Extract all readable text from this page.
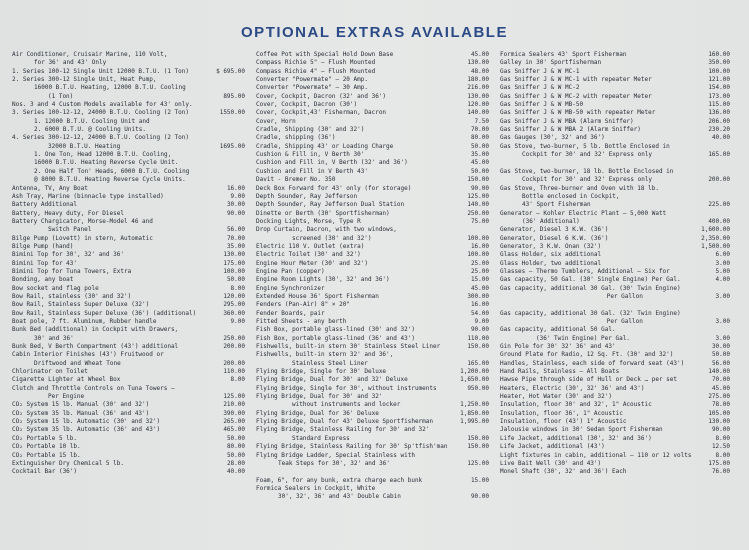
OPTIONAL EXTRAS AVAILABLE
Air Conditioner, Cruisair Marine, 110 Volt,
for 36' and 43' Only
1. Series 100-12 Single Unit 12000 B.T.U. (1 Ton)	$ 695.00
2. Series 300-12 Single Unit, Heat Pump,
16000 B.T.U. Heating, 12000 B.T.U. Cooling
(1 Ton)	895.00
Nos. 3 and 4 Custom Models available for 43' only.
3. Series 100-12-12, 24000 B.T.U. Cooling (2 Ton)	1550.00
1. 12000 B.T.U. Cooling Unit and
2. 6000 B.T.U. @ Cooling Units.
4. Series 300-12-12, 24000 B.T.U. Cooling (2 Ton)
32000 B.T.U. Heating	1695.00
1. One Ton, Head 12000 B.T.U. Cooling,
16000 B.T.U. Heating Reverse Cycle Unit.
2. One Half Ton' Heads, 6000 B.T.U. Cooling
@ 8000 B.T.U. Heating Reverse Cycle Units.
Antenna, TV, Any Boat	16.00
Ash Tray, Marine (binnacle type installed)	9.00
Battery Additional	30.00
Battery, Heavy duty, For Diesel	90.00
Battery Chargicator, Morse-Model 46 and
Switch Panel	56.00
Bilge Pump (Lovett) in stern, Automatic	70.00
Bilge Pump (hand)	35.00
Bimini Top for 30', 32' and 36'	130.00
Bimini Top for 43'	175.00
Bimini Top for Tuna Towers, Extra	100.00
Bonding, any boat	50.00
Bow socket and flag pole	8.00
Bow Rail, stainless (30' and 32')	120.00
Bow Rail, Stainless Super Deluxe (32')	295.00
Bow Rail, Stainless Super Deluxe (36') (additional)	360.00
Boat pole, 7 ft. Aluminum, Rubber handle	9.00
Bunk Bed (additional) in Cockpit with Drawers,
30' and 36'	250.00
Bunk Bed, V Berth Compartment (43') additional	200.00
Cabin Interior Finishes (43') Fruitwood or
Driftwood and Wheat Tone	200.00
Chlorinator on Toilet	110.00
Cigarette Lighter at Wheel Box	8.00
Clutch and Throttle Controls on Tuna Towers —
Per Engine	125.00
CO₂ System 15 lb. Manual (30' and 32')	210.00
CO₂ System 35 lb. Manual (36' and 43')	390.00
CO₂ System 15 lb. Automatic (30' and 32')	265.00
CO₂ System 35 lb. Automatic (36' and 43')	465.00
CO₂ Portable 5 lb.	50.00
CO₂ Portable 10 lb.	80.00
CO₂ Portable 15 lb.	50.00
Extinguisher Dry Chemical 5 lb.	28.00
Cocktail Bar (36')	40.00
Coffee Pot with Special Hold Down Base	45.00
Compass Richie 5" — Flush Mounted	130.00
Compass Richie 4" — Flush Mounted	48.00
Converter "Powermate" — 20 Amp.	180.00
Converter "Powermate" — 30 Amp.	216.00
Cover, Cockpit, Dacron (32' and 36')	130.00
Cover, Cockpit, Dacron (30')	120.00
Cover, Cockpit,43' Fisherman, Dacron	140.00
Cover, Horn	7.50
Cradle, Shipping (30' and 32')	70.00
Cradle, shipping (36')	80.00
Cradle, Shipping 43' or Loading Charge	50.00
Cushion & Fill in, V Berth 30'	35.00
Cushion and Fill in, V Berth (32' and 36')	45.00
Cushion and Fill in V Berth 43'	50.00
Davit - Bremer No. 350	150.00
Deck Box Forward for 43' only (for storage)	90.00
Depth Sounder, Ray Jefferson	125.00
Depth Sounder, Ray Jefferson Dual Station	140.00
Dinette or Berth (30' Sportfisherman)	250.00
Docking Lights, Morse, Type R	75.00
Drop Curtain, Dacron, with two windows,
screened (30' and 32')	100.00
Electric 110 V. Outlet (extra)	16.00
Electric Toilet (30' and 32')	100.00
Engine Hour Meter (30' and 32')	25.00
Engine Pan (copper)	25.00
Engine Room Lights (30', 32' and 36')	15.00
Engine Synchronizer	45.00
Extended House 36' Sport Fisherman	300.00
Fenders (Pan-Air) 8" × 20"	16.00
Fender Boards, pair	54.00
Fitted Sheets - any berth	9.00
Fish Box, portable glass-lined (30' and 32')	90.00
Fish Box, portable glass-lined (36' and 43')	110.00
Fishwells, built-in stern 30' Stainless Steel Liner	150.00
Fishwells, built-in stern 32' and 36',
Stainless Steel Liner	165.00
Flying Bridge, Single for 30' Deluxe	1,200.00
Flying Bridge, Dual for 30' and 32' Deluxe	1,650.00
Flying Bridge, Single for 30', without instruments	950.00
Flying Bridge, Dual for 30' and 32'
without instruments and locker	1,250.00
Flying Bridge, Dual for 36' Deluxe	1,850.00
Flying Bridge, Dual for 43' Deluxe Sportfisherman	1,995.00
Flying Bridge, Stainless Railing for 30' and 32'
Standard Express	150.00
Flying Bridge, Stainless Railing for 30' Sp'tfish'man	150.00
Flying Bridge Ladder, Special Stainless with
Teak Steps for 30', 32' and 36'	125.00
Foam, 6", for any bunk, extra charge each bunk	15.00
Formica Sealers in Cockpit, White
30', 32', 36' and 43' Double Cabin	90.00
Formica Sealers 43' Sport Fisherman	160.00
Galley in 30' Sportfisherman	350.00
Gas Sniffer J & W MC-1	100.00
Gas Sniffer J & W MC-1 with repeater Meter	121.00
Gas Sniffer J & W MC-2	154.00
Gas Sniffer J & W MC-2 with repeater Meter	173.00
Gas Sniffer J & W MB-50	115.00
Gas Sniffer J & W MB-50 with repeater Meter	136.00
Gas Sniffer J & W MBA (Alarm Sniffer)	206.00
Gas Sniffer J & W MBA 2 (Alarm Sniffer)	230.20
Gas Gauges (30', 32' and 36')	40.00
Gas Stove, two-burner, 5 lb. Bottle Enclosed in
Cockpit for 30' and 32' Express only	165.00
Gas Stove, two-burner, 18 lb. Bottle Enclosed in
Cockpit for 30' and 32' Express only	200.00
Gas Stove, Three-burner and Oven with 18 lb.
Bottle enclosed in Cockpit,
43' Sport Fisherman	225.00
Generator — Kohler Electric Plant — 5,000 Watt
(36' Additional)	400.00
Generator, Diesel 3 K.W. (36')	1,600.00
Generator, Diesel 6 K.W. (36')	2,350.00
Generator, 3 K.W. Onan (32')	1,500.00
Glass Holder, six additional	6.00
Glass Holder, two additional	3.00
Glasses — Thermo Tumblers, Additional — Six for	5.00
Gas capacity, 50 Gal. (30' Single Engine) Per Gal.	4.00
Gas capacity, additional 30 Gal. (30' Twin Engine)
Per Gallon	3.00
Gas capacity, additional 30 Gal. (32' Twin Engine)
Per Gallon	3.00
Gas capacity, additional 50 Gal.
(36' Twin Engine) Per Gal.	3.00
Gin Pole for 30' 32' 36' and 43'	30.00
Ground Plate for Radio, 12 Sq. Ft. (30' and 32')	50.00
Handles, Stainless, each side of forward seat (43')	56.00
Hand Rails, Stainless — All Boats	140.00
Hawse Pipe through side of Hull or Deck … per set	70.00
Heaters, Electric (30', 32' 36' and 43')	45.00
Heater, Hot Water (30' and 32')	275.00
Insulation, floor 30' and 32', 1" Acoustic	78.00
Insulation, floor 36', 1" Acoustic	105.00
Insulation, floor (43') 1" Acoustic	130.00
Jalousie windows in 30' Sedan Sport Fisherman	90.00
Life Jacket, additional (30', 32' and 36')	8.00
Life Jacket, additional (43')	12.50
Light fixtures in cabin, additional — 110 or 12 volts	8.00
Live Bait Well (30' and 43')	175.00
Monel Shaft (30', 32' and 36') Each	76.00
